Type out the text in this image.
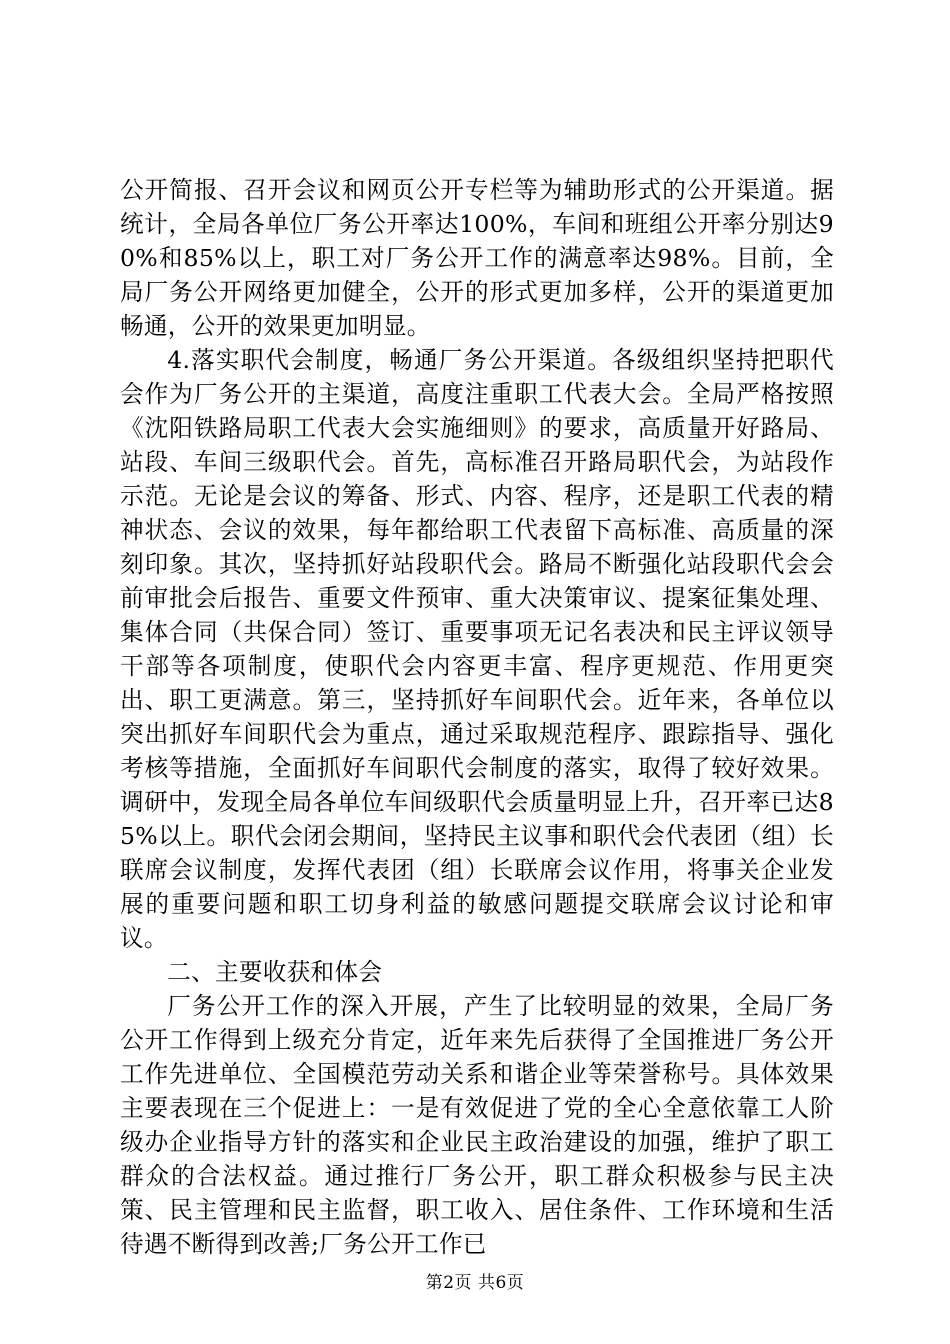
公开简报、召开会议和网页公开专栏等为辅助形式的公开渠道。据统计，全局各单位厂务公开率达100%，车间和班组公开率分别达90%和85%以上，职工对厂务公开工作的满意率达98%。目前，全局厂务公开网络更加健全，公开的形式更加多样，公开的渠道更加畅通，公开的效果更加明显。

4.落实职代会制度，畅通厂务公开渠道。各级组织坚持把职代会作为厂务公开的主渠道，高度注重职工代表大会。全局严格按照《沈阳铁路局职工代表大会实施细则》的要求，高质量开好路局、站段、车间三级职代会。首先，高标准召开路局职代会，为站段作示范。无论是会议的筹备、形式、内容、程序，还是职工代表的精神状态、会议的效果，每年都给职工代表留下高标准、高质量的深刻印象。其次，坚持抓好站段职代会。路局不断强化站段职代会会前审批会后报告、重要文件预审、重大决策审议、提案征集处理、集体合同（共保合同）签订、重要事项无记名表决和民主评议领导干部等各项制度，使职代会内容更丰富、程序更规范、作用更突出、职工更满意。第三，坚持抓好车间职代会。近年来，各单位以突出抓好车间职代会为重点，通过采取规范程序、跟踪指导、强化考核等措施，全面抓好车间职代会制度的落实，取得了较好效果。调研中，发现全局各单位车间级职代会质量明显上升，召开率已达85%以上。职代会闭会期间，坚持民主议事和职代会代表团（组）长联席会议制度，发挥代表团（组）长联席会议作用，将事关企业发展的重要问题和职工切身利益的敏感问题提交联席会议讨论和审议。

二、主要收获和体会

厂务公开工作的深入开展，产生了比较明显的效果，全局厂务公开工作得到上级充分肯定，近年来先后获得了全国推进厂务公开工作先进单位、全国模范劳动关系和谐企业等荣誉称号。具体效果主要表现在三个促进上：一是有效促进了党的全心全意依靠工人阶级办企业指导方针的落实和企业民主政治建设的加强，维护了职工群众的合法权益。通过推行厂务公开，职工群众积极参与民主决策、民主管理和民主监督，职工收入、居住条件、工作环境和生活待遇不断得到改善;厂务公开工作已

第2页 共6页
